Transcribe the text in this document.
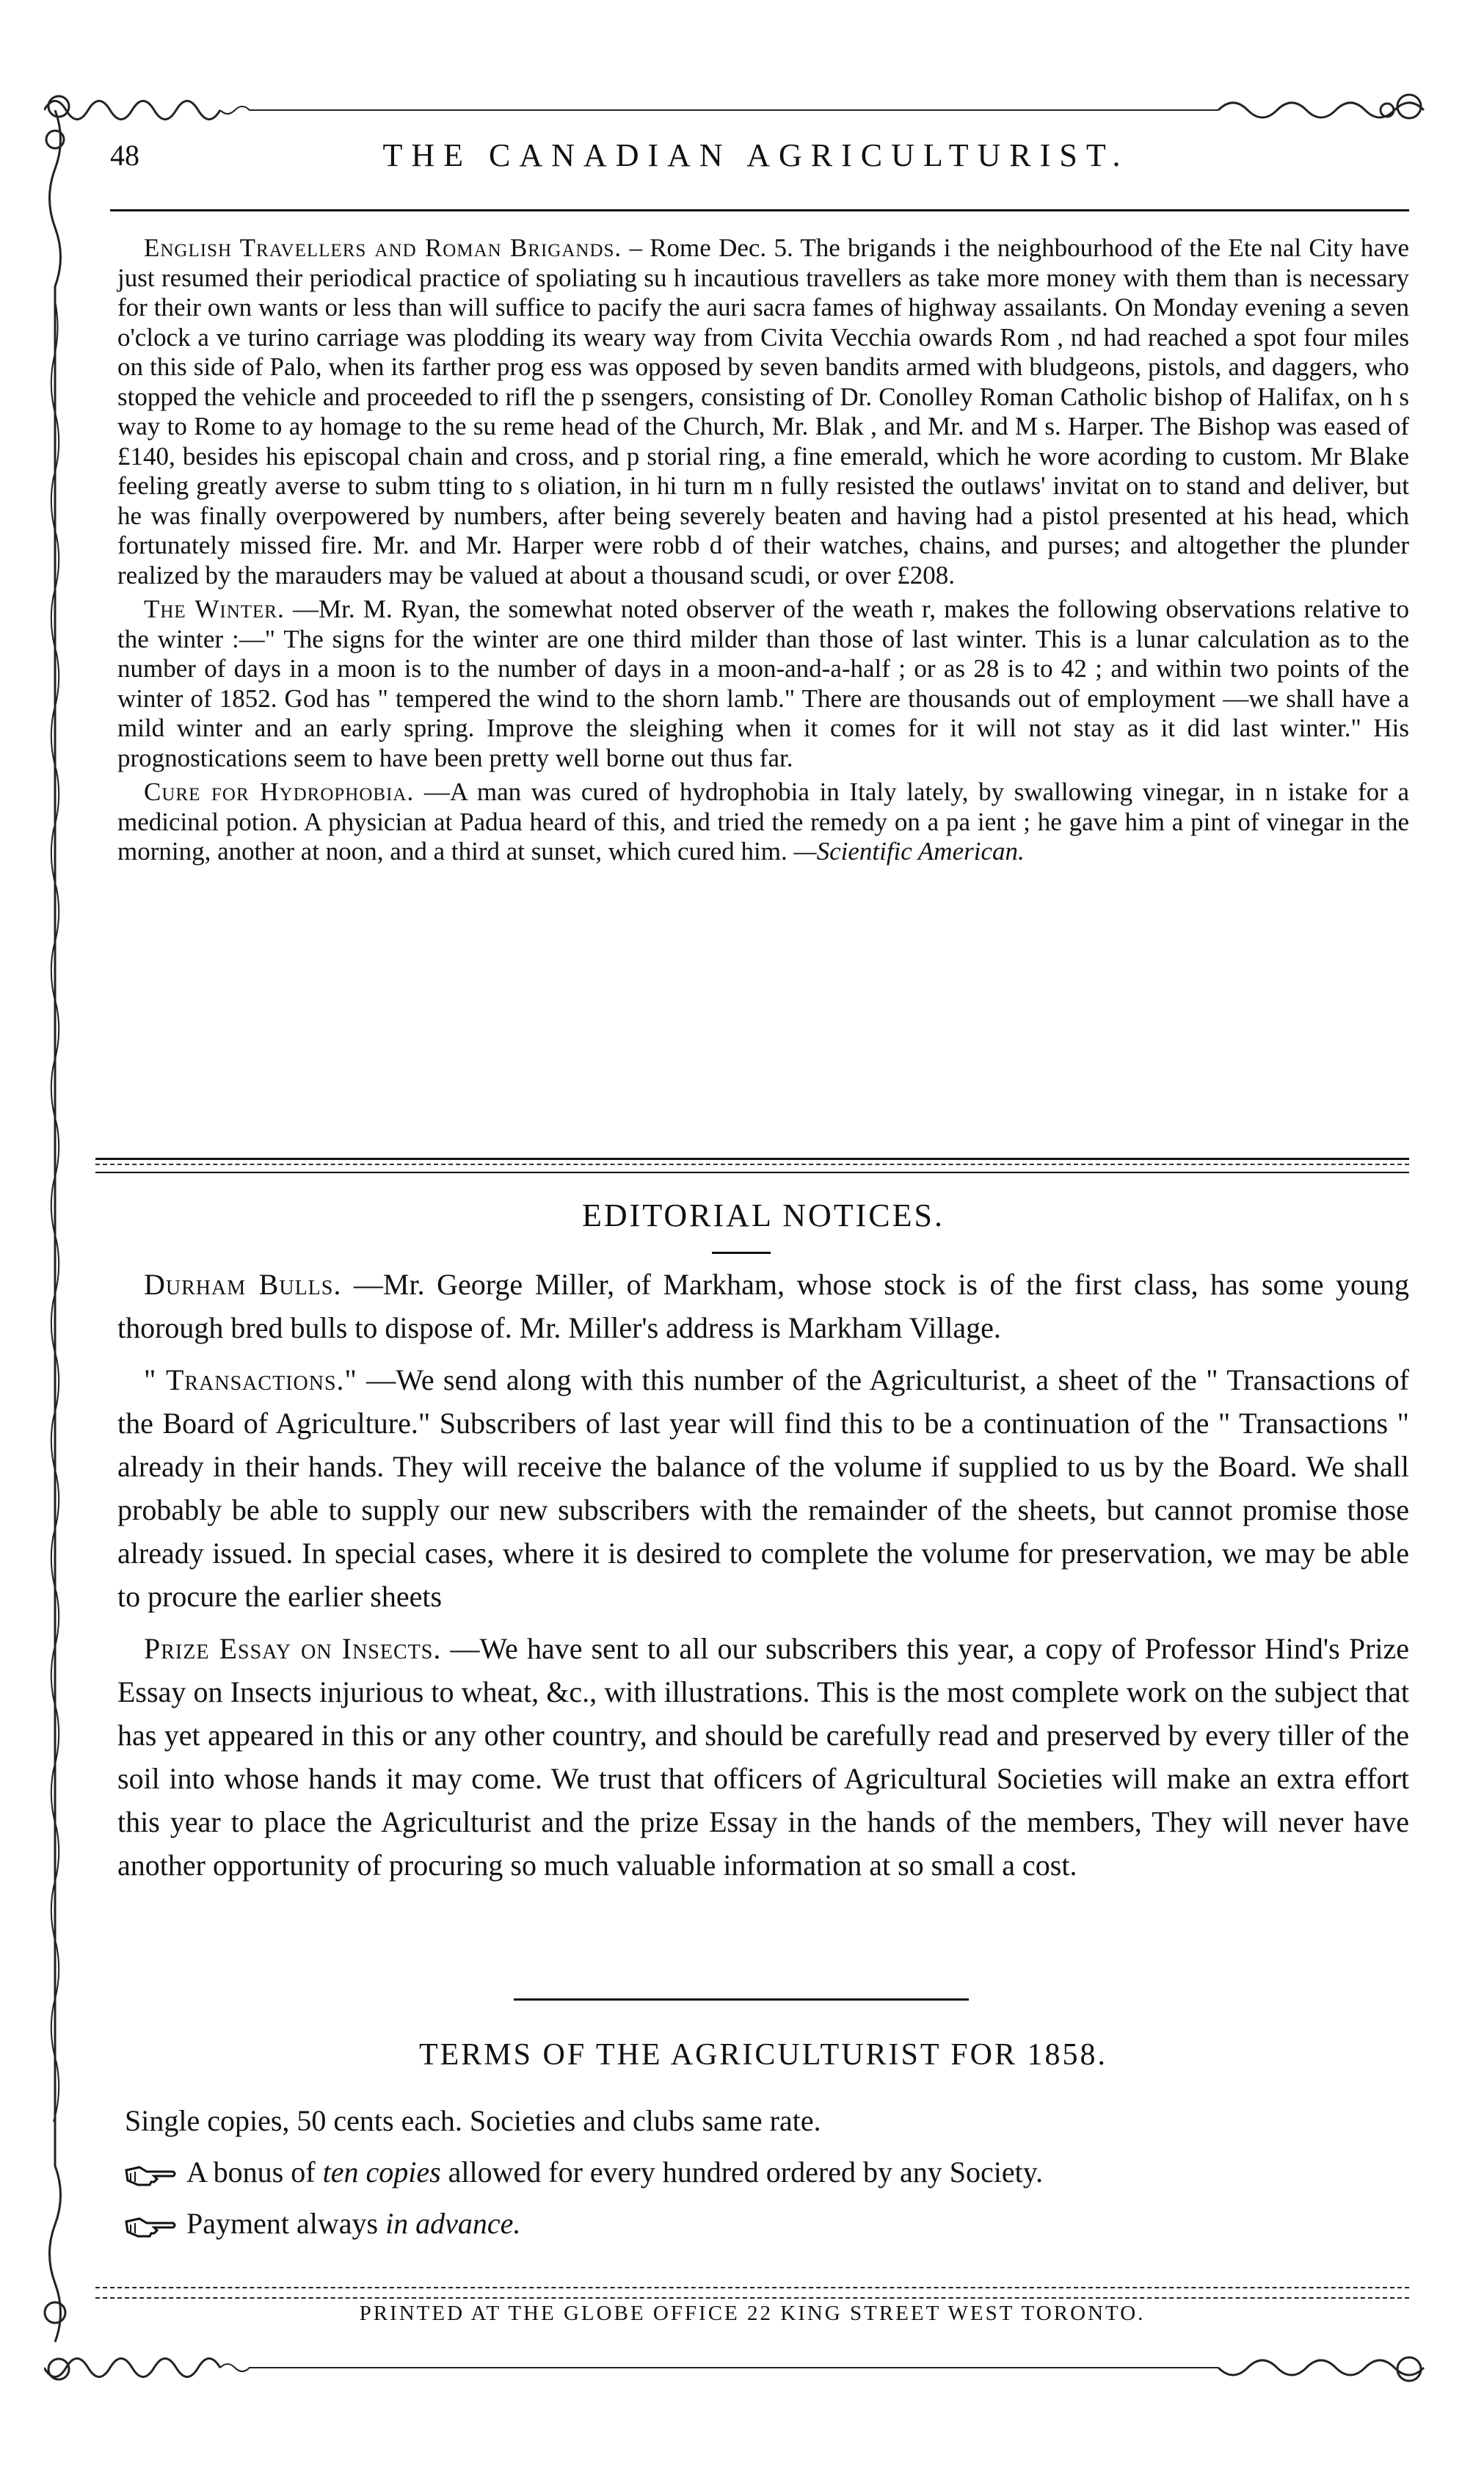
48	THE CANADIAN AGRICULTURIST.

English Travellers and Roman Brigands. – Rome Dec. 5. The brigands i the neighbourhood of the Ete nal City have just resumed their periodical practice of spoliating su h incautious travellers as take more money with them than is necessary for their own wants or less than will suffice to pacify the auri sacra fames of highway assailants. On Monday evening a seven o'clock a ve turino carriage was plodding its weary way from Civita Vecchia owards Rom , nd had reached a spot four miles on this side of Palo, when its farther prog ess was opposed by seven bandits armed with bludgeons, pistols, and daggers, who stopped the vehicle and proceeded to rifl the p ssengers, consisting of Dr. Conolley Roman Catholic bishop of Halifax, on h s way to Rome to ay homage to the su reme head of the Church, Mr. Blak , and Mr. and M s. Harper. The Bishop was eased of £140, besides his episcopal chain and cross, and p storial ring, a fine emerald, which he wore acording to custom. Mr Blake feeling greatly averse to subm tting to s oliation, in hi turn m n fully resisted the outlaws' invitat on to stand and deliver, but he was finally overpowered by numbers, after being severely beaten and having had a pistol presented at his head, which fortunately missed fire. Mr. and Mr. Harper were robb d of their watches, chains, and purses; and altogether the plunder realized by the marauders may be valued at about a thousand scudi, or over £208.

The Winter. —Mr. M. Ryan, the somewhat noted observer of the weath r, makes the following observations relative to the winter :—" The signs for the winter are one third milder than those of last winter. This is a lunar calculation as to the number of days in a moon is to the number of days in a moon-and-a-half ; or as 28 is to 42 ; and within two points of the winter of 1852. God has " tempered the wind to the shorn lamb." There are thousands out of employment —we shall have a mild winter and an early spring. Improve the sleighing when it comes for it will not stay as it did last winter." His prognostications seem to have been pretty well borne out thus far.

Cure for Hydrophobia. —A man was cured of hydrophobia in Italy lately, by swallowing vinegar, in n istake for a medicinal potion. A physician at Padua heard of this, and tried the remedy on a pa ient ; he gave him a pint of vinegar in the morning, another at noon, and a third at sunset, which cured him. —Scientific American.

EDITORIAL NOTICES.

Durham Bulls. —Mr. George Miller, of Markham, whose stock is of the first class, has some young thorough bred bulls to dispose of. Mr. Miller's address is Markham Village.

" Transactions." —We send along with this number of the Agriculturist, a sheet of the " Transactions of the Board of Agriculture." Subscribers of last year will find this to be a continuation of the " Transactions " already in their hands. They will receive the balance of the volume if supplied to us by the Board. We shall probably be able to supply our new subscribers with the remainder of the sheets, but cannot promise those already issued. In special cases, where it is desired to complete the volume for preservation, we may be able to procure the earlier sheets

Prize Essay on Insects. —We have sent to all our subscribers this year, a copy of Professor Hind's Prize Essay on Insects injurious to wheat, &c., with illustrations. This is the most complete work on the subject that has yet appeared in this or any other country, and should be carefully read and preserved by every tiller of the soil into whose hands it may come. We trust that officers of Agricultural Societies will make an extra effort this year to place the Agriculturist and the prize Essay in the hands of the members, They will never have another opportunity of procuring so much valuable information at so small a cost.

TERMS OF THE AGRICULTURIST FOR 1858.
Single copies, 50 cents each. Societies and clubs same rate.
A bonus of ten copies allowed for every hundred ordered by any Society.
Payment always in advance.
PRINTED AT THE GLOBE OFFICE 22 KING STREET WEST TORONTO.
